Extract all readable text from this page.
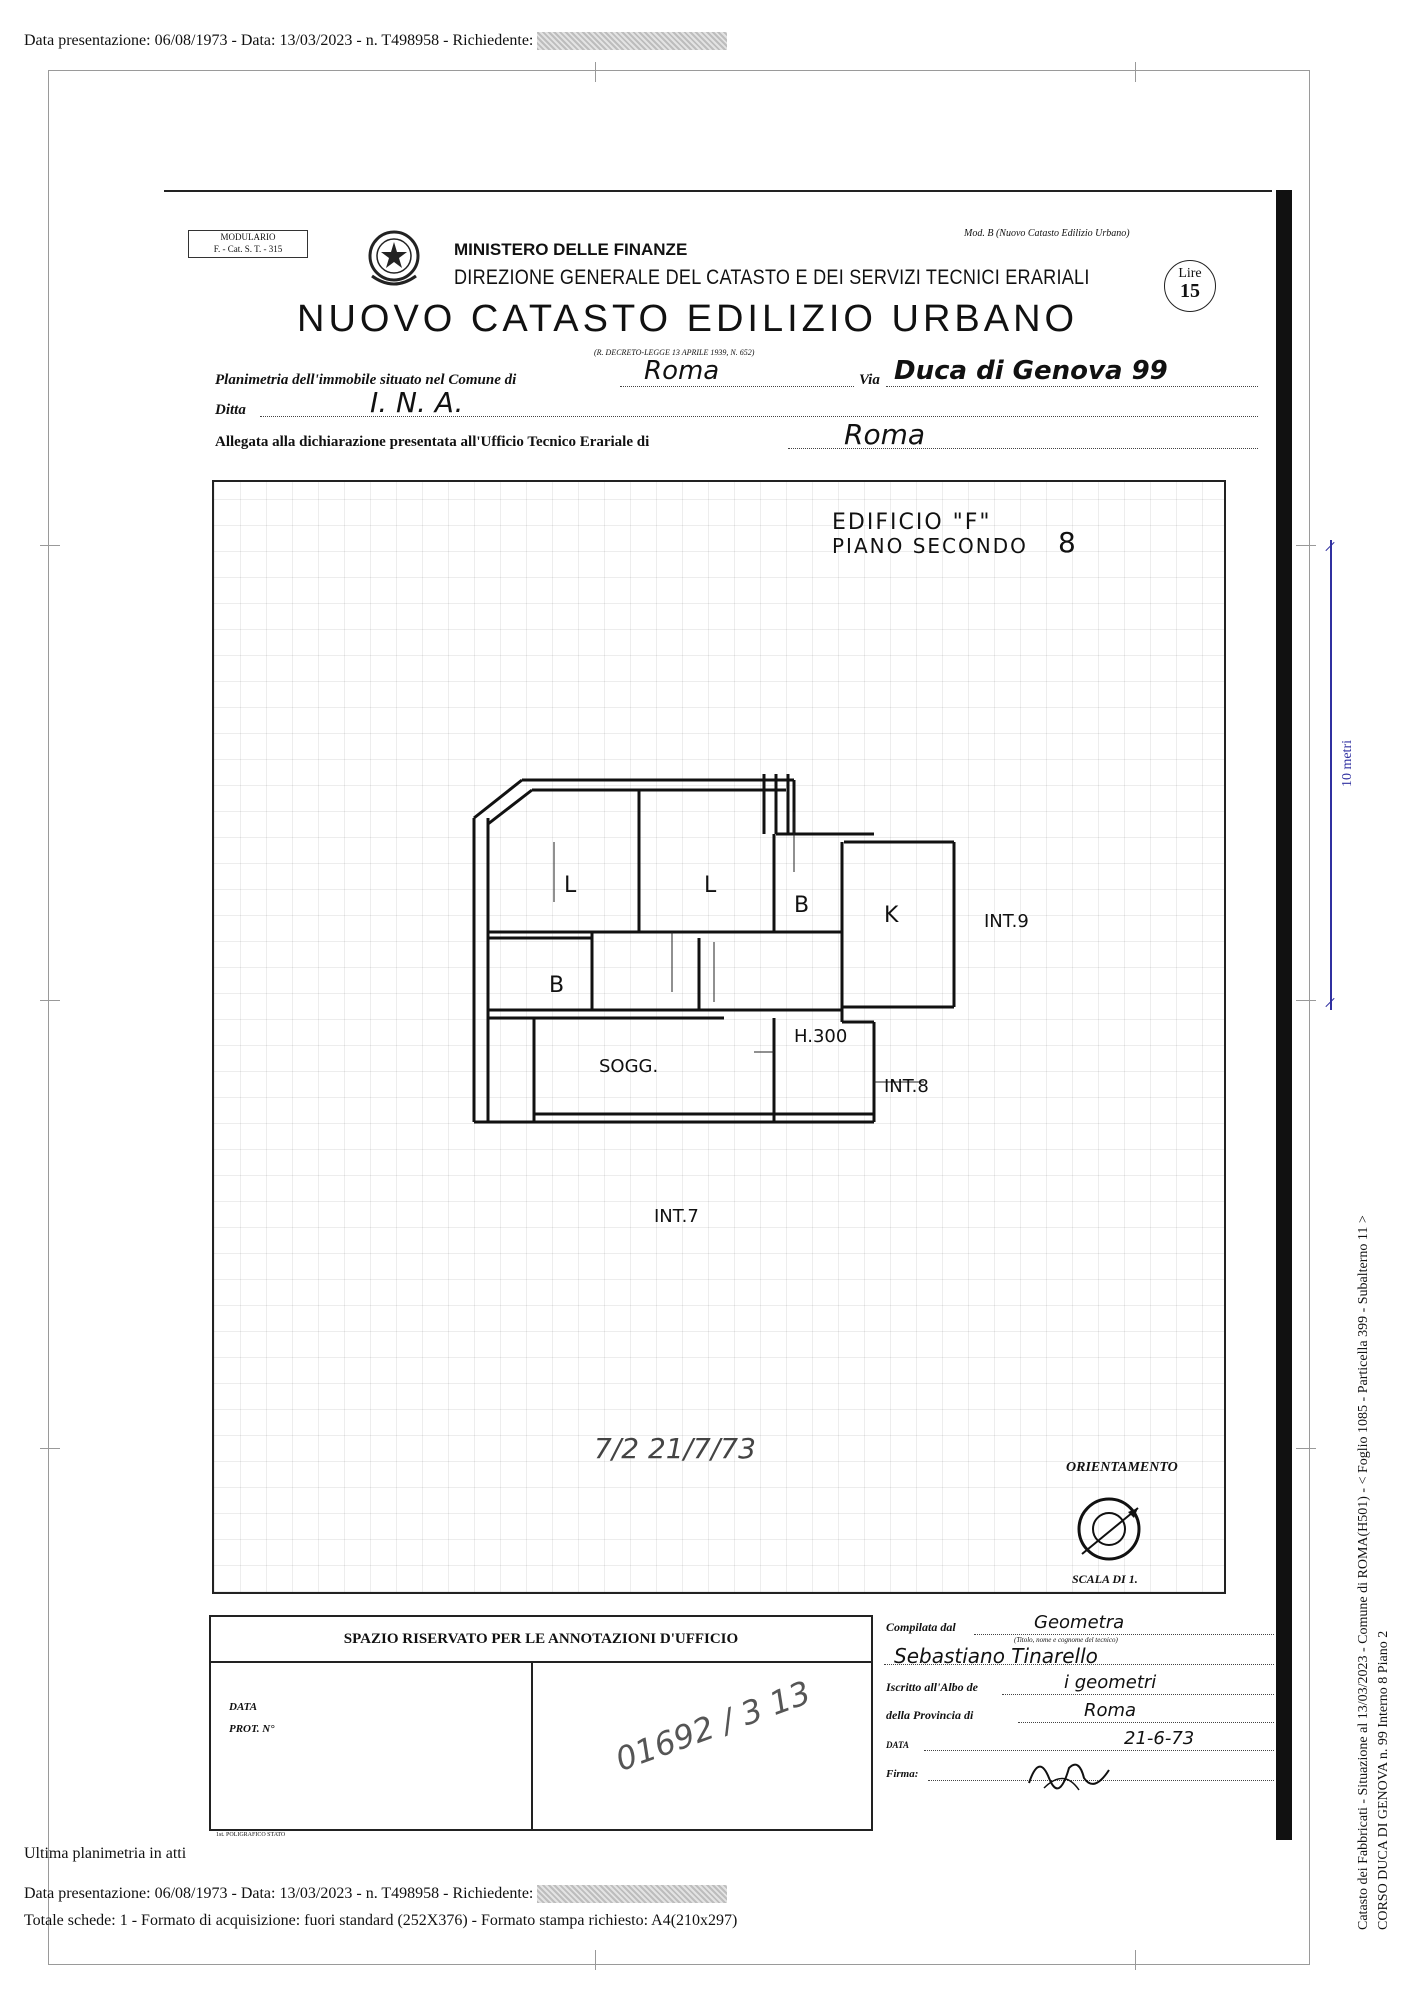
Data presentazione: 06/08/1973 - Data: 13/03/2023 - n. T498958 - Richiedente:
MODULARIO
F. - Cat. S. T. - 315	MINISTERO DELLE FINANZE
DIREZIONE GENERALE DEL CATASTO E DEI SERVIZI TECNICI ERARIALI
Mod. B (Nuovo Catasto Edilizio Urbano)
Lire
15
NUOVO CATASTO EDILIZIO URBANO
(R. DECRETO-LEGGE 13 APRILE 1939, N. 652)
Planimetria dell'immobile situato nel Comune di	Roma	Via Duca di Genova 99
Ditta	I. N. A.
Allegata alla dichiarazione presentata all'Ufficio Tecnico Erariale di	Roma
EDIFICIO "F"
PIANO SECONDO 8
L	L
B	K
B
SOGG.
H.300
INT.9
INT.8
INT.7
7/2 21/7/73
ORIENTAMENTO
SCALA DI 1.
SPAZIO RISERVATO PER LE ANNOTAZIONI D'UFFICIO
DATA
PROT. N°	01692 / 3 13
Compilata dal	Geometra
(Titolo, nome e cognome del tecnico)
Sebastiano Tinarello
Iscritto all'Albo de	i geometri
della Provincia di	Roma
DATA	21-6-73
Firma:
1st. POLIGRAFICO STATO
10 metri
Catasto dei Fabbricati - Situazione al 13/03/2023 - Comune di ROMA(H501) - < Foglio 1085 - Particella 399 - Subalterno 11 > CORSO DUCA DI GENOVA n. 99 Interno 8 Piano 2
Ultima planimetria in atti
Data presentazione: 06/08/1973 - Data: 13/03/2023 - n. T498958 - Richiedente:
Totale schede: 1 - Formato di acquisizione: fuori standard (252X376) - Formato stampa richiesto: A4(210x297)
